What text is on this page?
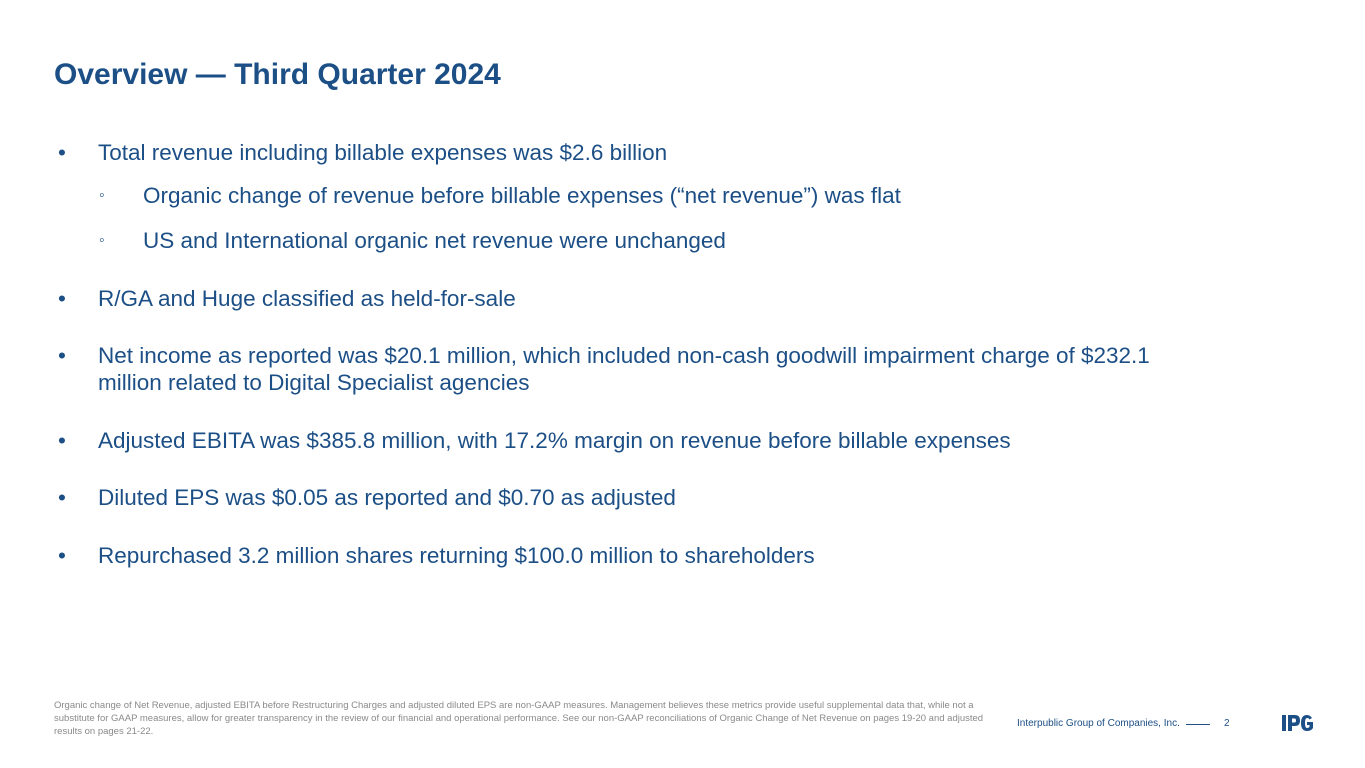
Overview — Third Quarter 2024
•	Total revenue including billable expenses was $2.6 billion
◦	Organic change of revenue before billable expenses (“net revenue”) was flat
◦	US and International organic net revenue were unchanged
•	R/GA and Huge classified as held-for-sale
•	Net income as reported was $20.1 million, which included non-cash goodwill impairment charge of $232.1 million related to Digital Specialist agencies
•	Adjusted EBITA was $385.8 million, with 17.2% margin on revenue before billable expenses
•	Diluted EPS was $0.05 as reported and $0.70 as adjusted
•	Repurchased 3.2 million shares returning $100.0 million to shareholders
Organic change of Net Revenue, adjusted EBITA before Restructuring Charges and adjusted diluted EPS are non-GAAP measures. Management believes these metrics provide useful supplemental data that, while not a substitute for GAAP measures, allow for greater transparency in the review of our financial and operational performance. See our non-GAAP reconciliations of Organic Change of Net Revenue on pages 19-20 and adjusted results on pages 21-22.
Interpublic Group of Companies, Inc.	2
